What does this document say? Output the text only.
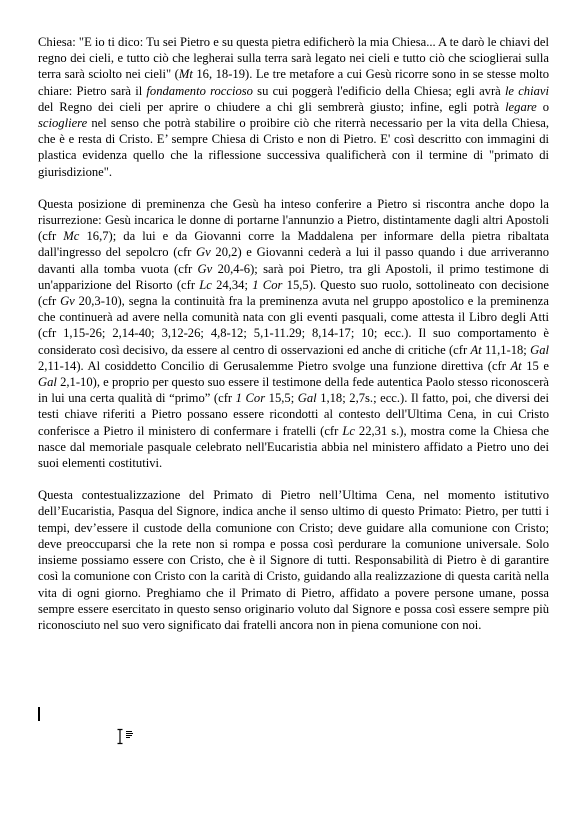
Chiesa: "E io ti dico: Tu sei Pietro e su questa pietra edificherò la mia Chiesa... A te darò le chiavi del regno dei cieli, e tutto ciò che legherai sulla terra sarà legato nei cieli e tutto ciò che scioglierai sulla terra sarà sciolto nei cieli" (Mt 16, 18-19). Le tre metafore a cui Gesù ricorre sono in se stesse molto chiare: Pietro sarà il fondamento roccioso su cui poggerà l'edificio della Chiesa; egli avrà le chiavi del Regno dei cieli per aprire o chiudere a chi gli sembrerà giusto; infine, egli potrà legare o sciogliere nel senso che potrà stabilire o proibire ciò che riterrà necessario per la vita della Chiesa, che è e resta di Cristo. E’ sempre Chiesa di Cristo e non di Pietro. E' così descritto con immagini di plastica evidenza quello che la riflessione successiva qualificherà con il termine di "primato di giurisdizione".

Questa posizione di preminenza che Gesù ha inteso conferire a Pietro si riscontra anche dopo la risurrezione: Gesù incarica le donne di portarne l'annunzio a Pietro, distintamente dagli altri Apostoli (cfr Mc 16,7); da lui e da Giovanni corre la Maddalena per informare della pietra ribaltata dall'ingresso del sepolcro (cfr Gv 20,2) e Giovanni cederà a lui il passo quando i due arriveranno davanti alla tomba vuota (cfr Gv 20,4-6); sarà poi Pietro, tra gli Apostoli, il primo testimone di un'apparizione del Risorto (cfr Lc 24,34; 1 Cor 15,5). Questo suo ruolo, sottolineato con decisione (cfr Gv 20,3-10), segna la continuità fra la preminenza avuta nel gruppo apostolico e la preminenza che continuerà ad avere nella comunità nata con gli eventi pasquali, come attesta il Libro degli Atti (cfr 1,15-26; 2,14-40; 3,12-26; 4,8-12; 5,1-11.29; 8,14-17; 10; ecc.). Il suo comportamento è considerato così decisivo, da essere al centro di osservazioni ed anche di critiche (cfr At 11,1-18; Gal 2,11-14). Al cosiddetto Concilio di Gerusalemme Pietro svolge una funzione direttiva (cfr At 15 e Gal 2,1-10), e proprio per questo suo essere il testimone della fede autentica Paolo stesso riconoscerà in lui una certa qualità di “primo” (cfr 1 Cor 15,5; Gal 1,18; 2,7s.; ecc.). Il fatto, poi, che diversi dei testi chiave riferiti a Pietro possano essere ricondotti al contesto dell'Ultima Cena, in cui Cristo conferisce a Pietro il ministero di confermare i fratelli (cfr Lc 22,31 s.), mostra come la Chiesa che nasce dal memoriale pasquale celebrato nell'Eucaristia abbia nel ministero affidato a Pietro uno dei suoi elementi costitutivi.

Questa contestualizzazione del Primato di Pietro nell’Ultima Cena, nel momento istitutivo dell’Eucaristia, Pasqua del Signore, indica anche il senso ultimo di questo Primato: Pietro, per tutti i tempi, dev’essere il custode della comunione con Cristo; deve guidare alla comunione con Cristo; deve preoccuparsi che la rete non si rompa e possa così perdurare la comunione universale. Solo insieme possiamo essere con Cristo, che è il Signore di tutti. Responsabilità di Pietro è di garantire così la comunione con Cristo con la carità di Cristo, guidando alla realizzazione di questa carità nella vita di ogni giorno. Preghiamo che il Primato di Pietro, affidato a povere persone umane, possa sempre essere esercitato in questo senso originario voluto dal Signore e possa così essere sempre più riconosciuto nel suo vero significato dai fratelli ancora non in piena comunione con noi.
